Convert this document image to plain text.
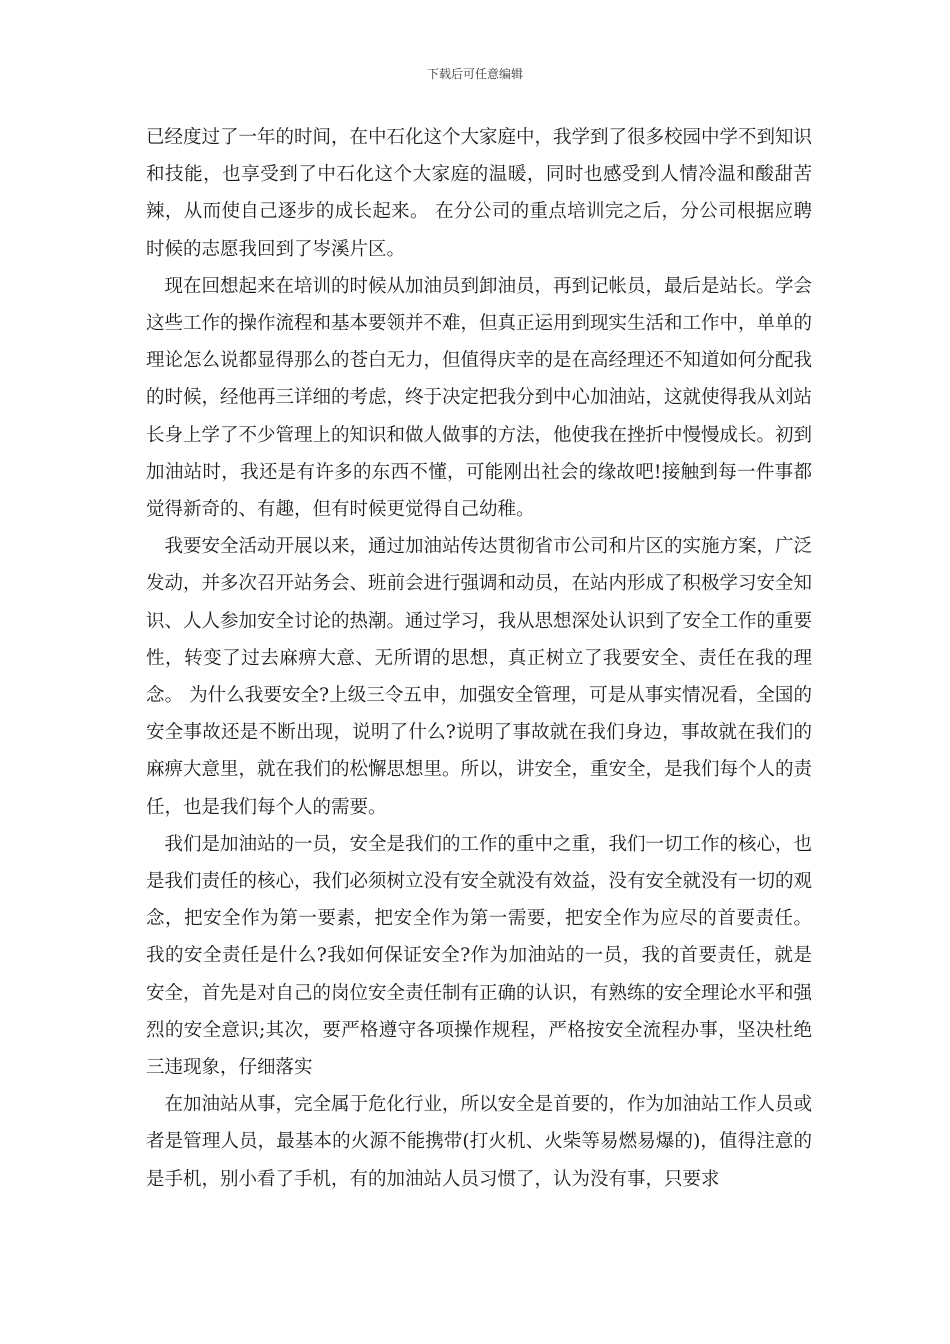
下载后可任意编辑

已经度过了一年的时间，在中石化这个大家庭中，我学到了很多校园中学不到知识和技能，也享受到了中石化这个大家庭的温暖，同时也感受到人情冷温和酸甜苦辣，从而使自己逐步的成长起来。 在分公司的重点培训完之后，分公司根据应聘时候的志愿我回到了岑溪片区。

现在回想起来在培训的时候从加油员到卸油员，再到记帐员，最后是站长。学会这些工作的操作流程和基本要领并不难，但真正运用到现实生活和工作中，单单的理论怎么说都显得那么的苍白无力，但值得庆幸的是在高经理还不知道如何分配我的时候，经他再三详细的考虑，终于决定把我分到中心加油站，这就使得我从刘站长身上学了不少管理上的知识和做人做事的方法，他使我在挫折中慢慢成长。初到加油站时，我还是有许多的东西不懂，可能刚出社会的缘故吧!接触到每一件事都觉得新奇的、有趣，但有时候更觉得自己幼稚。

我要安全活动开展以来，通过加油站传达贯彻省市公司和片区的实施方案，广泛发动，并多次召开站务会、班前会进行强调和动员，在站内形成了积极学习安全知识、人人参加安全讨论的热潮。通过学习，我从思想深处认识到了安全工作的重要性，转变了过去麻痹大意、无所谓的思想，真正树立了我要安全、责任在我的理念。 为什么我要安全?上级三令五申，加强安全管理，可是从事实情况看，全国的安全事故还是不断出现，说明了什么?说明了事故就在我们身边，事故就在我们的麻痹大意里，就在我们的松懈思想里。所以，讲安全，重安全，是我们每个人的责任，也是我们每个人的需要。

我们是加油站的一员，安全是我们的工作的重中之重，我们一切工作的核心，也是我们责任的核心，我们必须树立没有安全就没有效益，没有安全就没有一切的观念，把安全作为第一要素，把安全作为第一需要，把安全作为应尽的首要责任。 我的安全责任是什么?我如何保证安全?作为加油站的一员，我的首要责任，就是安全，首先是对自己的岗位安全责任制有正确的认识，有熟练的安全理论水平和强烈的安全意识;其次，要严格遵守各项操作规程，严格按安全流程办事，坚决杜绝三违现象，仔细落实

在加油站从事，完全属于危化行业，所以安全是首要的，作为加油站工作人员或者是管理人员，最基本的火源不能携带(打火机、火柴等易燃易爆的)，值得注意的是手机，别小看了手机，有的加油站人员习惯了，认为没有事，只要求
